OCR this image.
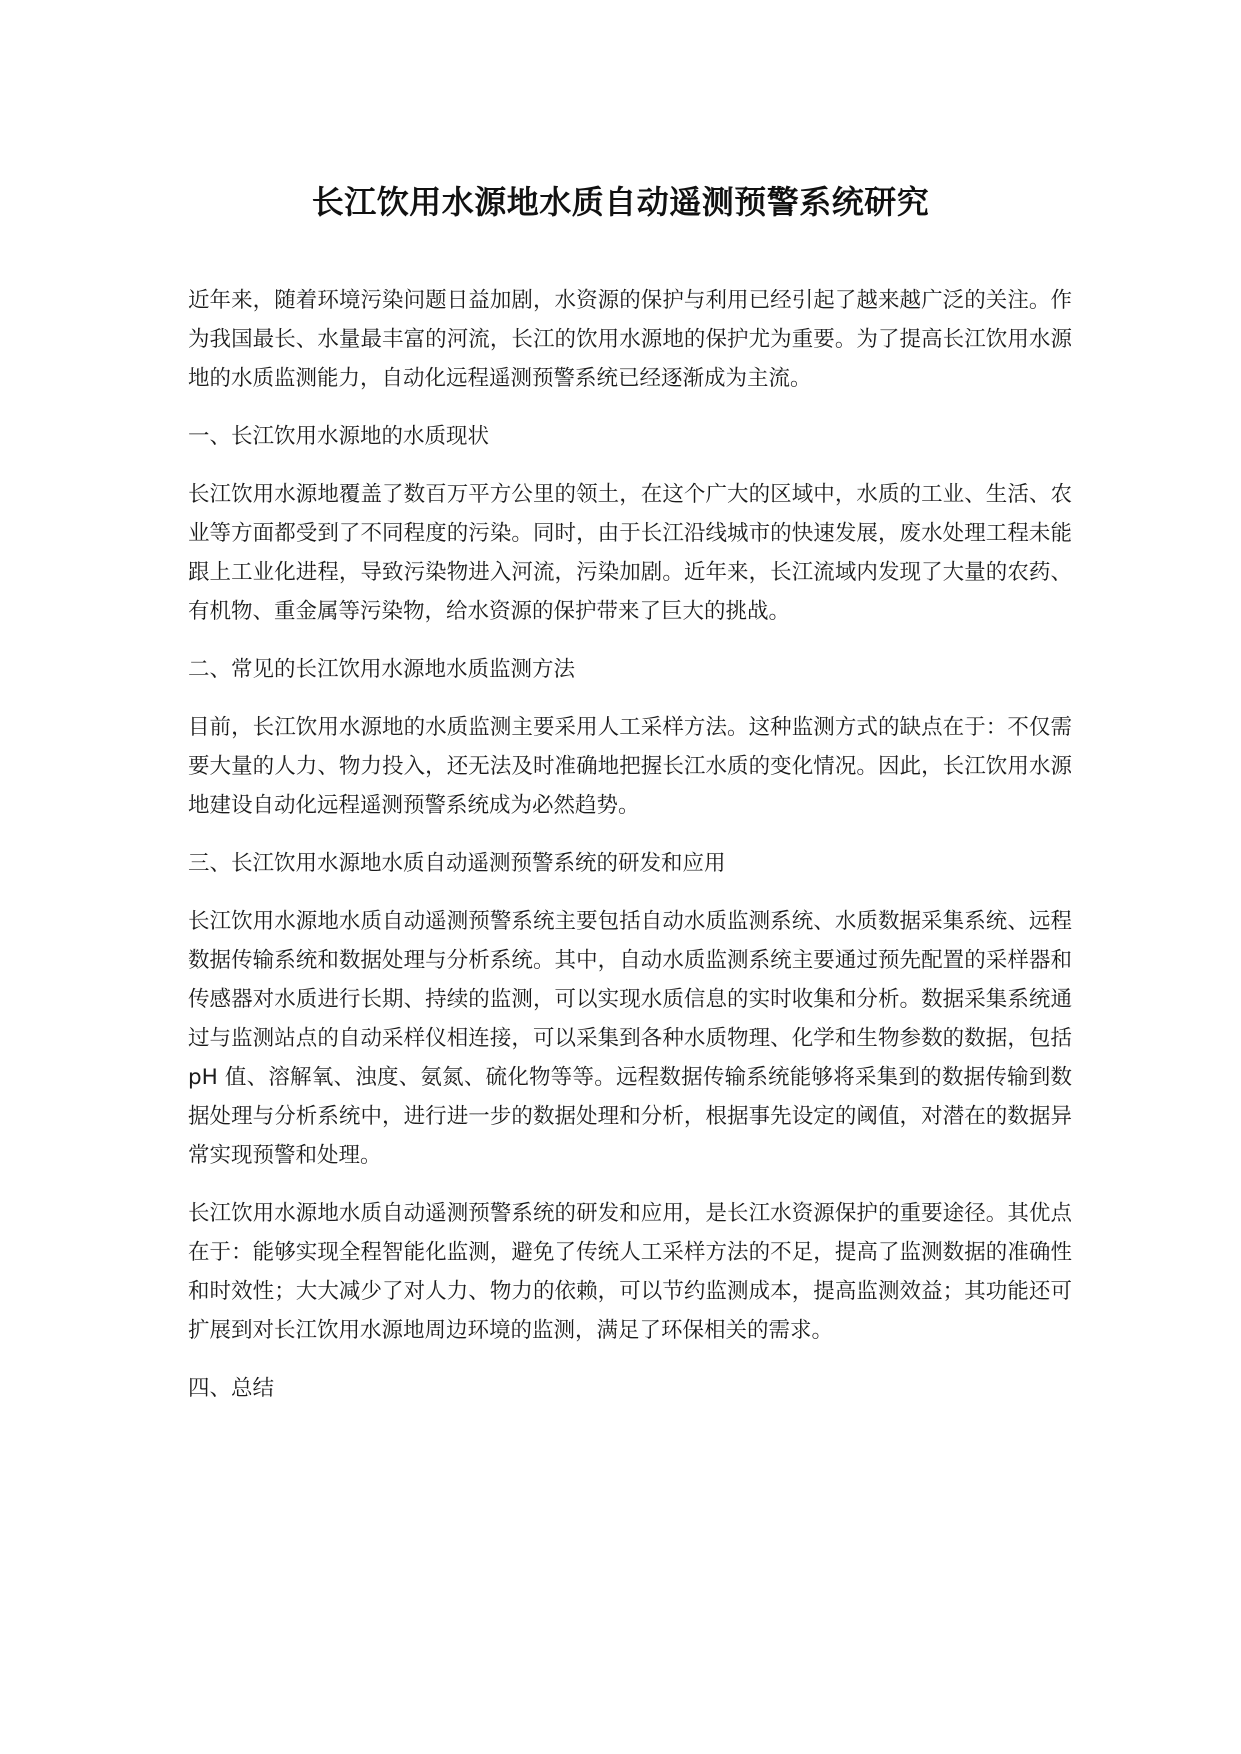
长江饮用水源地水质自动遥测预警系统研究

近年来，随着环境污染问题日益加剧，水资源的保护与利用已经引起了越来越广泛的关注。作为我国最长、水量最丰富的河流，长江的饮用水源地的保护尤为重要。为了提高长江饮用水源地的水质监测能力，自动化远程遥测预警系统已经逐渐成为主流。

一、长江饮用水源地的水质现状

长江饮用水源地覆盖了数百万平方公里的领土，在这个广大的区域中，水质的工业、生活、农业等方面都受到了不同程度的污染。同时，由于长江沿线城市的快速发展，废水处理工程未能跟上工业化进程，导致污染物进入河流，污染加剧。近年来，长江流域内发现了大量的农药、有机物、重金属等污染物，给水资源的保护带来了巨大的挑战。

二、常见的长江饮用水源地水质监测方法

目前，长江饮用水源地的水质监测主要采用人工采样方法。这种监测方式的缺点在于：不仅需要大量的人力、物力投入，还无法及时准确地把握长江水质的变化情况。因此，长江饮用水源地建设自动化远程遥测预警系统成为必然趋势。

三、长江饮用水源地水质自动遥测预警系统的研发和应用

长江饮用水源地水质自动遥测预警系统主要包括自动水质监测系统、水质数据采集系统、远程数据传输系统和数据处理与分析系统。其中，自动水质监测系统主要通过预先配置的采样器和传感器对水质进行长期、持续的监测，可以实现水质信息的实时收集和分析。数据采集系统通过与监测站点的自动采样仪相连接，可以采集到各种水质物理、化学和生物参数的数据，包括 pH 值、溶解氧、浊度、氨氮、硫化物等等。远程数据传输系统能够将采集到的数据传输到数据处理与分析系统中，进行进一步的数据处理和分析，根据事先设定的阈值，对潜在的数据异常实现预警和处理。

长江饮用水源地水质自动遥测预警系统的研发和应用，是长江水资源保护的重要途径。其优点在于：能够实现全程智能化监测，避免了传统人工采样方法的不足，提高了监测数据的准确性和时效性；大大减少了对人力、物力的依赖，可以节约监测成本，提高监测效益；其功能还可扩展到对长江饮用水源地周边环境的监测，满足了环保相关的需求。

四、总结
